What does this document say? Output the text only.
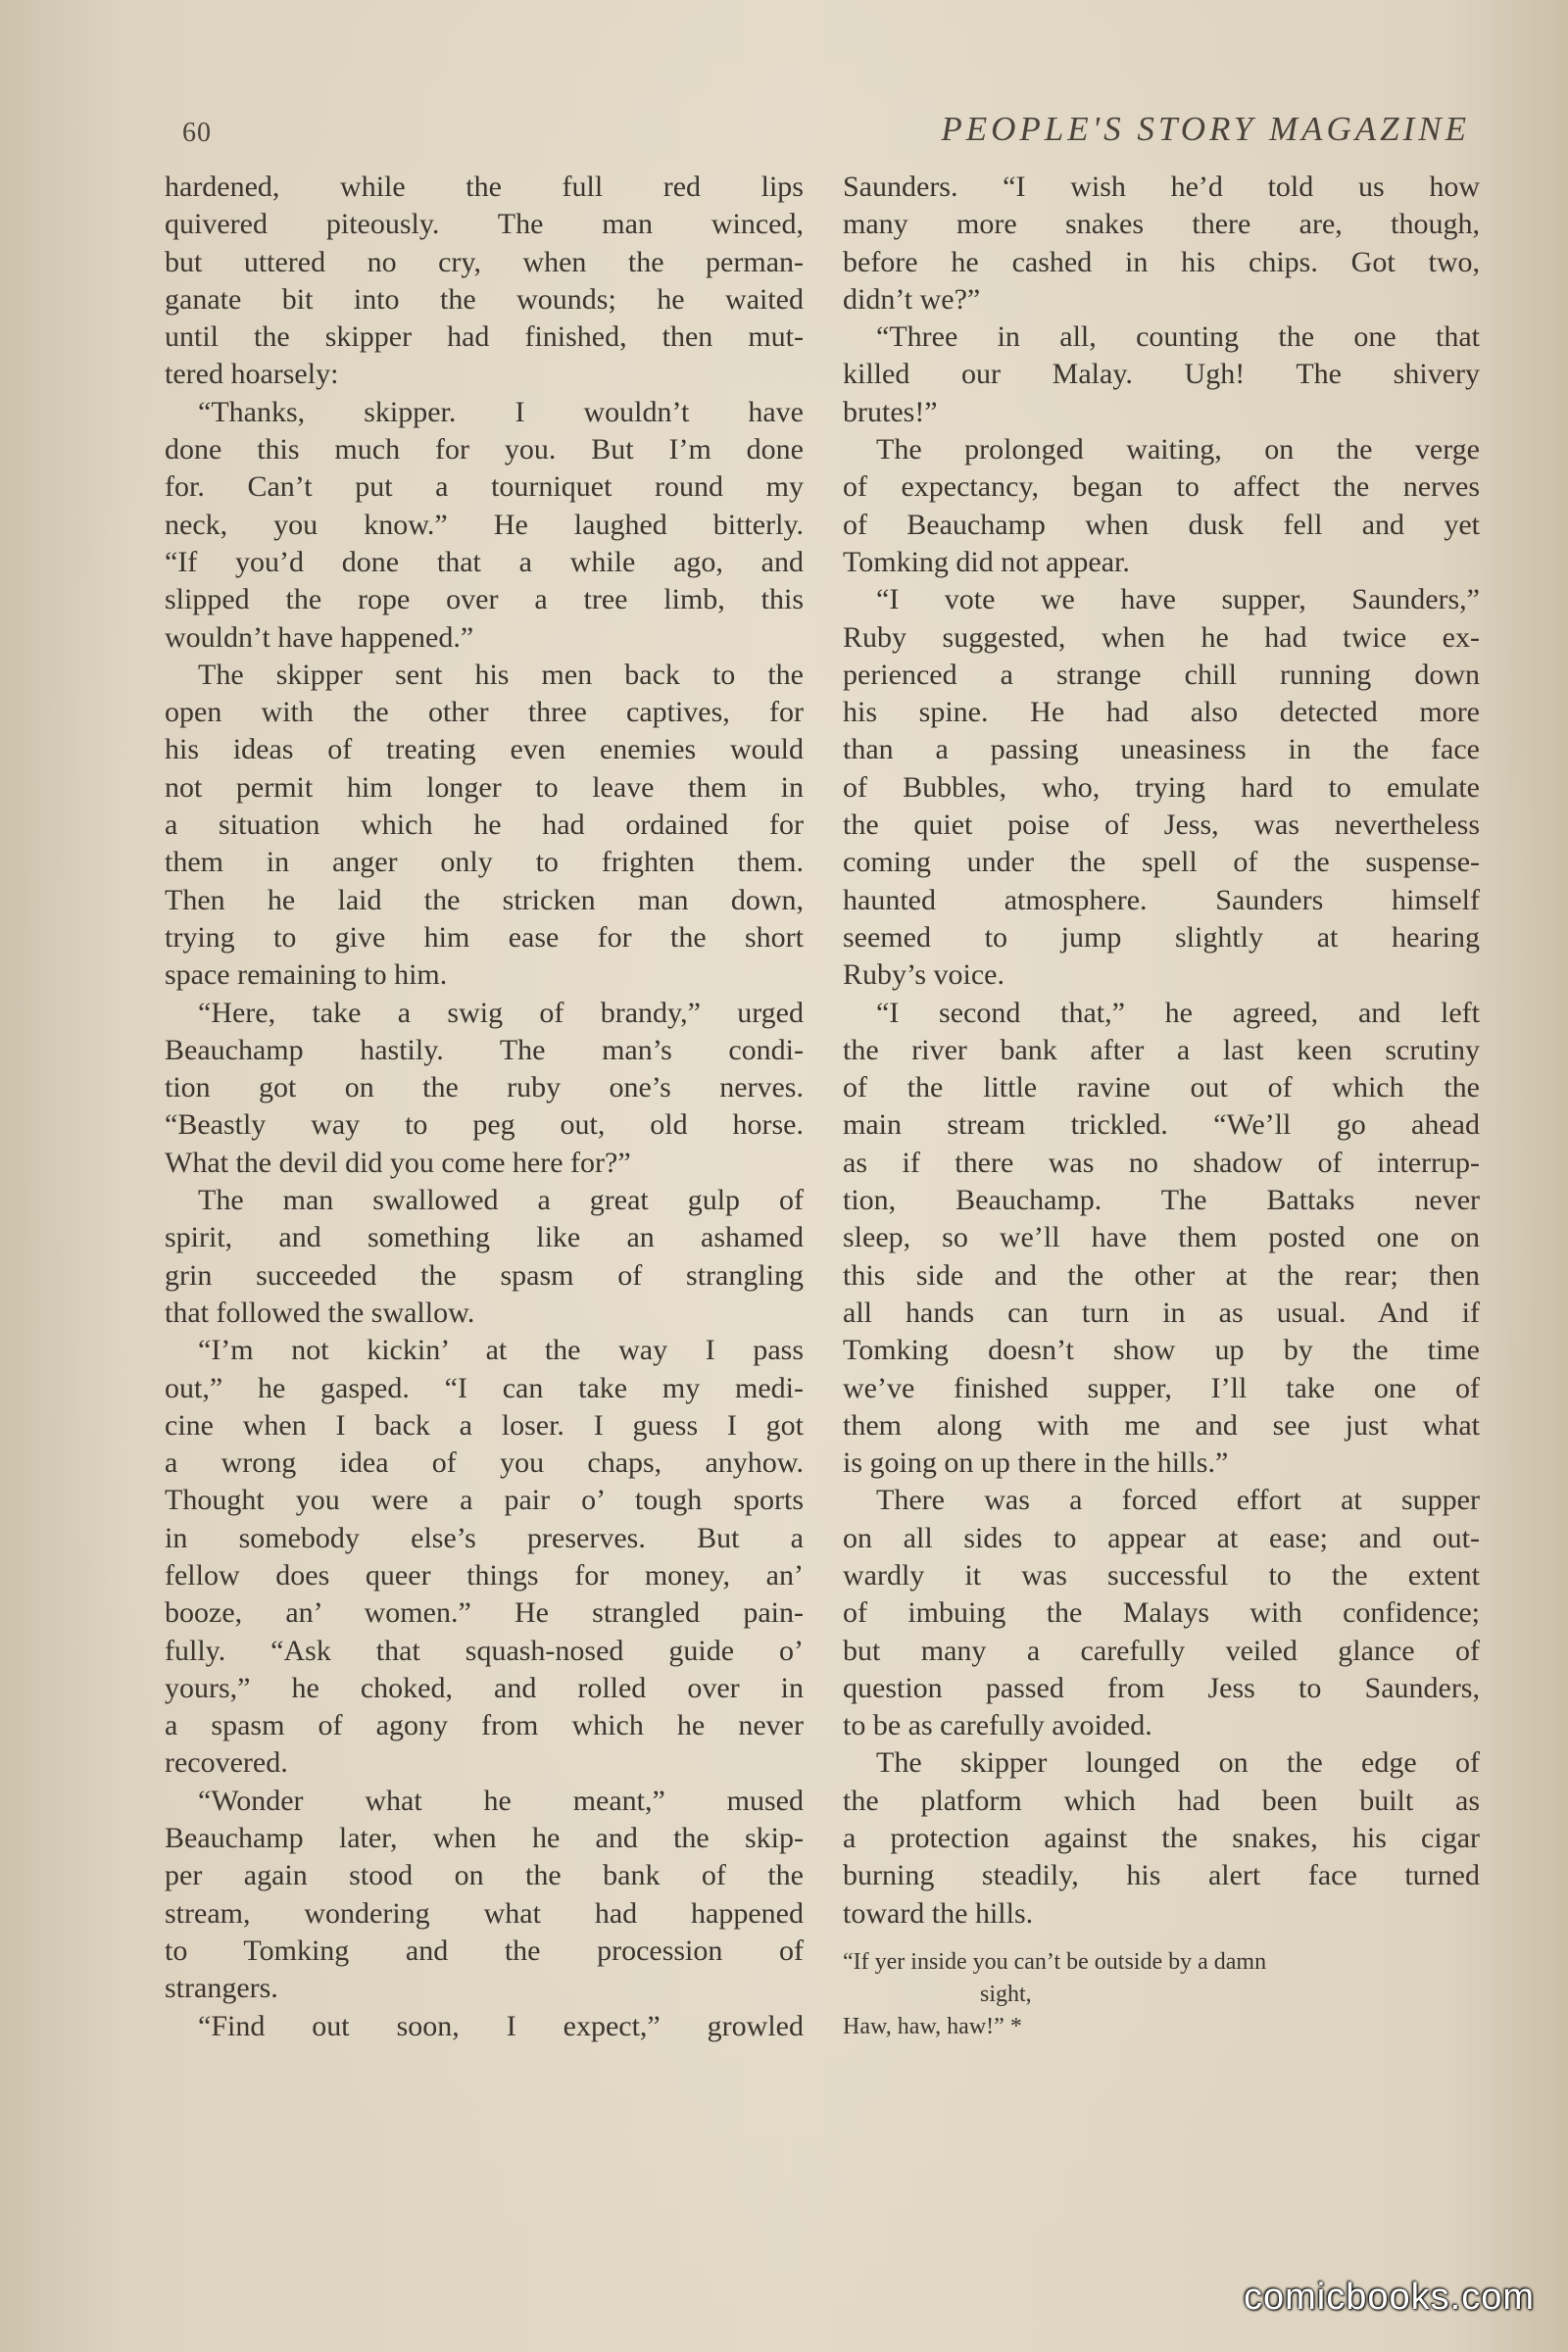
60	PEOPLE'S STORY MAGAZINE
hardened, while the full red lips
quivered piteously. The man winced,
but uttered no cry, when the perman-
ganate bit into the wounds; he waited
until the skipper had finished, then mut-
tered hoarsely:
“Thanks, skipper. I wouldn’t have
done this much for you. But I’m done
for. Can’t put a tourniquet round my
neck, you know.” He laughed bitterly.
“If you’d done that a while ago, and
slipped the rope over a tree limb, this
wouldn’t have happened.”
The skipper sent his men back to the
open with the other three captives, for
his ideas of treating even enemies would
not permit him longer to leave them in
a situation which he had ordained for
them in anger only to frighten them.
Then he laid the stricken man down,
trying to give him ease for the short
space remaining to him.
“Here, take a swig of brandy,” urged
Beauchamp hastily. The man’s condi-
tion got on the ruby one’s nerves.
“Beastly way to peg out, old horse.
What the devil did you come here for?”
The man swallowed a great gulp of
spirit, and something like an ashamed
grin succeeded the spasm of strangling
that followed the swallow.
“I’m not kickin’ at the way I pass
out,” he gasped. “I can take my medi-
cine when I back a loser. I guess I got
a wrong idea of you chaps, anyhow.
Thought you were a pair o’ tough sports
in somebody else’s preserves. But a
fellow does queer things for money, an’
booze, an’ women.” He strangled pain-
fully. “Ask that squash-nosed guide o’
yours,” he choked, and rolled over in
a spasm of agony from which he never
recovered.
“Wonder what he meant,” mused
Beauchamp later, when he and the skip-
per again stood on the bank of the
stream, wondering what had happened
to Tomking and the procession of
strangers.
“Find out soon, I expect,” growled
Saunders. “I wish he’d told us how
many more snakes there are, though,
before he cashed in his chips. Got two,
didn’t we?”
“Three in all, counting the one that
killed our Malay. Ugh! The shivery
brutes!”
The prolonged waiting, on the verge
of expectancy, began to affect the nerves
of Beauchamp when dusk fell and yet
Tomking did not appear.
“I vote we have supper, Saunders,”
Ruby suggested, when he had twice ex-
perienced a strange chill running down
his spine. He had also detected more
than a passing uneasiness in the face
of Bubbles, who, trying hard to emulate
the quiet poise of Jess, was nevertheless
coming under the spell of the suspense-
haunted atmosphere. Saunders himself
seemed to jump slightly at hearing
Ruby’s voice.
“I second that,” he agreed, and left
the river bank after a last keen scrutiny
of the little ravine out of which the
main stream trickled. “We’ll go ahead
as if there was no shadow of interrup-
tion, Beauchamp. The Battaks never
sleep, so we’ll have them posted one on
this side and the other at the rear; then
all hands can turn in as usual. And if
Tomking doesn’t show up by the time
we’ve finished supper, I’ll take one of
them along with me and see just what
is going on up there in the hills.”
There was a forced effort at supper
on all sides to appear at ease; and out-
wardly it was successful to the extent
of imbuing the Malays with confidence;
but many a carefully veiled glance of
question passed from Jess to Saunders,
to be as carefully avoided.
The skipper lounged on the edge of
the platform which had been built as
a protection against the snakes, his cigar
burning steadily, his alert face turned
toward the hills.
“If yer inside you can’t be outside by a damn
sight,
Haw, haw, haw!” *
comicbooks.com
